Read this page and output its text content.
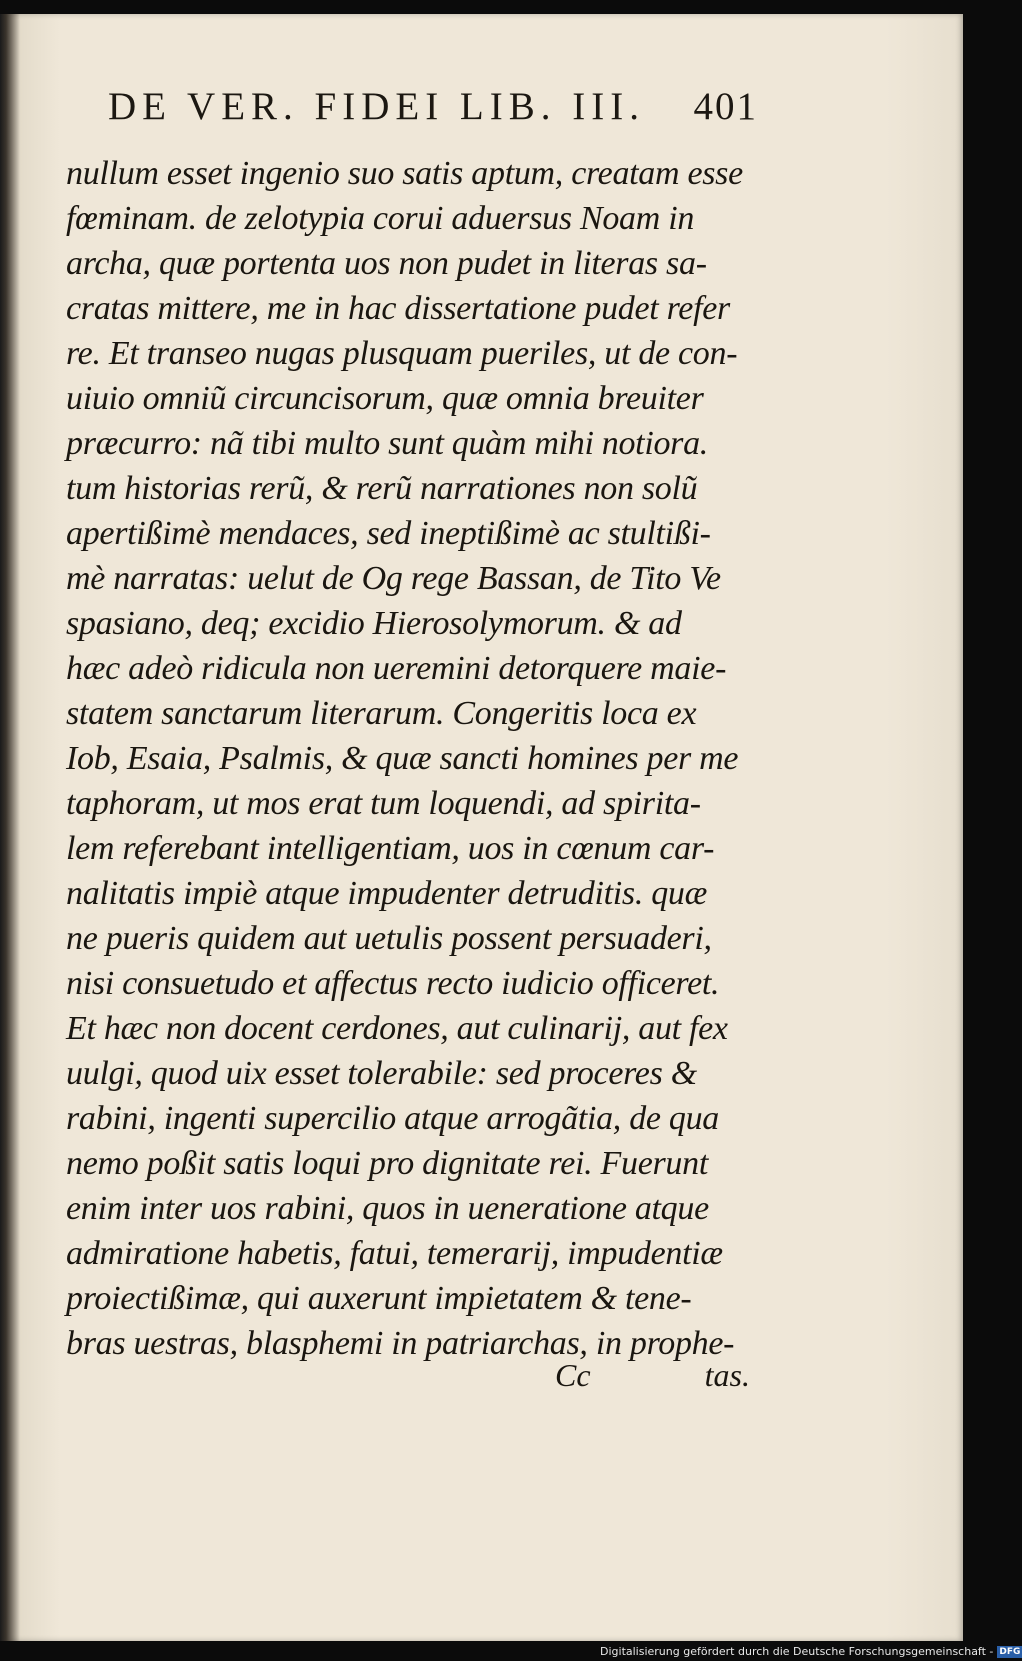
DE VER. FIDEI LIB. III. 401
nullum esset ingenio suo satis aptum, creatam esse
fœminam. de zelotypia corui aduersus Noam in
archa, quæ portenta uos non pudet in literas sa-
cratas mittere, me in hac dissertatione pudet refer
re. Et transeo nugas plusquam pueriles, ut de con-
uiuio omniũ circuncisorum, quæ omnia breuiter
præcurro: nã tibi multo sunt quàm mihi notiora.
tum historias rerũ, & rerũ narrationes non solũ
apertißimè mendaces, sed ineptißimè ac stultißi-
mè narratas: uelut de Og rege Bassan, de Tito Ve
spasiano, deq; excidio Hierosolymorum. & ad
hæc adeò ridicula non ueremini detorquere maie-
statem sanctarum literarum. Congeritis loca ex
Iob, Esaia, Psalmis, & quæ sancti homines per me
taphoram, ut mos erat tum loquendi, ad spirita-
lem referebant intelligentiam, uos in cœnum car-
nalitatis impiè atque impudenter detruditis. quæ
ne pueris quidem aut uetulis possent persuaderi,
nisi consuetudo et affectus recto iudicio officeret.
Et hæc non docent cerdones, aut culinarij, aut fex
uulgi, quod uix esset tolerabile: sed proceres &
rabini, ingenti supercilio atque arrogãtia, de qua
nemo poßit satis loqui pro dignitate rei. Fuerunt
enim inter uos rabini, quos in ueneratione atque
admiratione habetis, fatui, temerarij, impudentiæ
proiectißimæ, qui auxerunt impietatem & tene-
bras uestras, blasphemi in patriarchas, in prophe-
Cc	tas.
Digitalisierung gefördert durch die Deutsche Forschungsgemeinschaft - DFG
